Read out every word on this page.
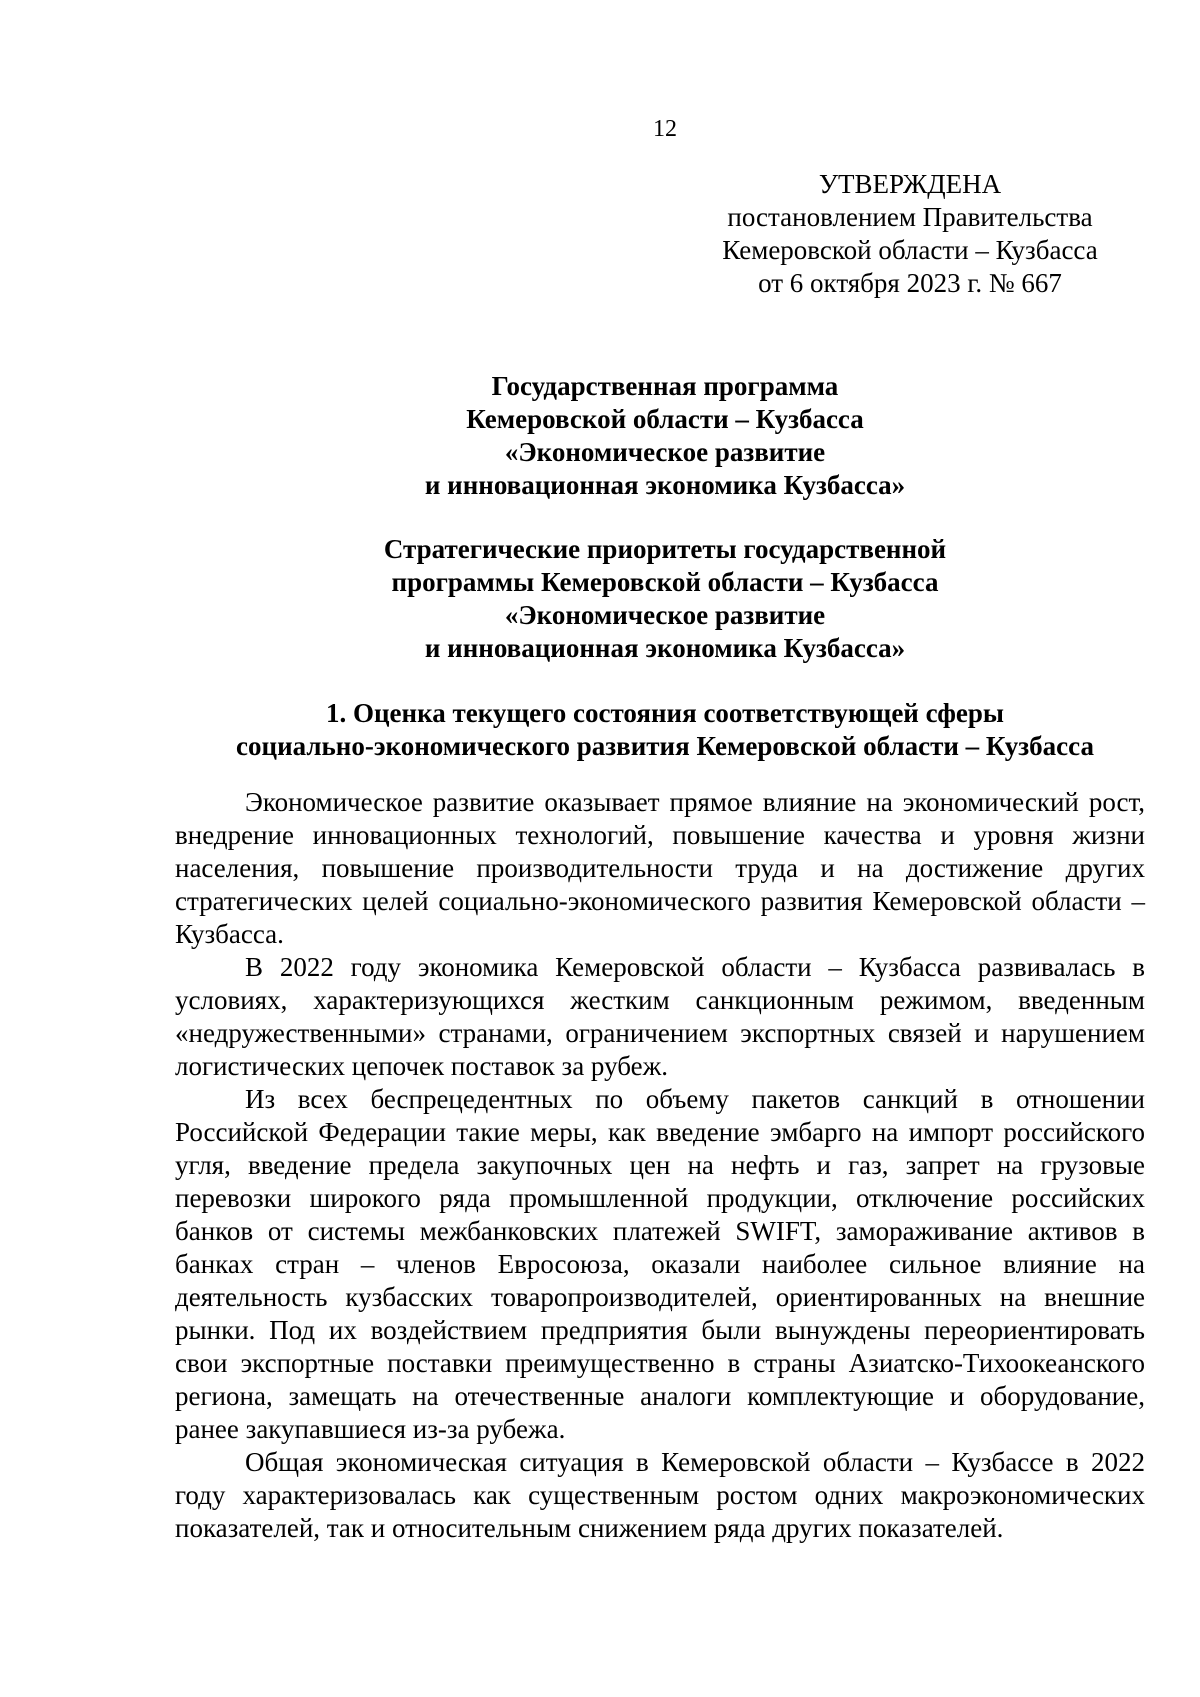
12
УТВЕРЖДЕНА
постановлением Правительства
Кемеровской области – Кузбасса
от 6 октября 2023 г. № 667
Государственная программа
Кемеровской области – Кузбасса
«Экономическое развитие
и инновационная экономика Кузбасса»
Стратегические приоритеты государственной
программы Кемеровской области – Кузбасса
«Экономическое развитие
и инновационная экономика Кузбасса»
1. Оценка текущего состояния соответствующей сферы
социально-экономического развития Кемеровской области – Кузбасса

Экономическое развитие оказывает прямое влияние на экономический рост, внедрение инновационных технологий, повышение качества и уровня жизни населения, повышение производительности труда и на достижение других стратегических целей социально-экономического развития Кемеровской области – Кузбасса.

В 2022 году экономика Кемеровской области – Кузбасса развивалась в условиях, характеризующихся жестким санкционным режимом, введенным «недружественными» странами, ограничением экспортных связей и нарушением логистических цепочек поставок за рубеж.

Из всех беспрецедентных по объему пакетов санкций в отношении Российской Федерации такие меры, как введение эмбарго на импорт российского угля, введение предела закупочных цен на нефть и газ, запрет на грузовые перевозки широкого ряда промышленной продукции, отключение российских банков от системы межбанковских платежей SWIFT, замораживание активов в банках стран – членов Евросоюза, оказали наиболее сильное влияние на деятельность кузбасских товаропроизводителей, ориентированных на внешние рынки. Под их воздействием предприятия были вынуждены переориентировать свои экспортные поставки преимущественно в страны Азиатско-Тихоокеанского региона, замещать на отечественные аналоги комплектующие и оборудование, ранее закупавшиеся из-за рубежа.

Общая экономическая ситуация в Кемеровской области – Кузбассе в 2022 году характеризовалась как существенным ростом одних макроэкономических показателей, так и относительным снижением ряда других показателей.
